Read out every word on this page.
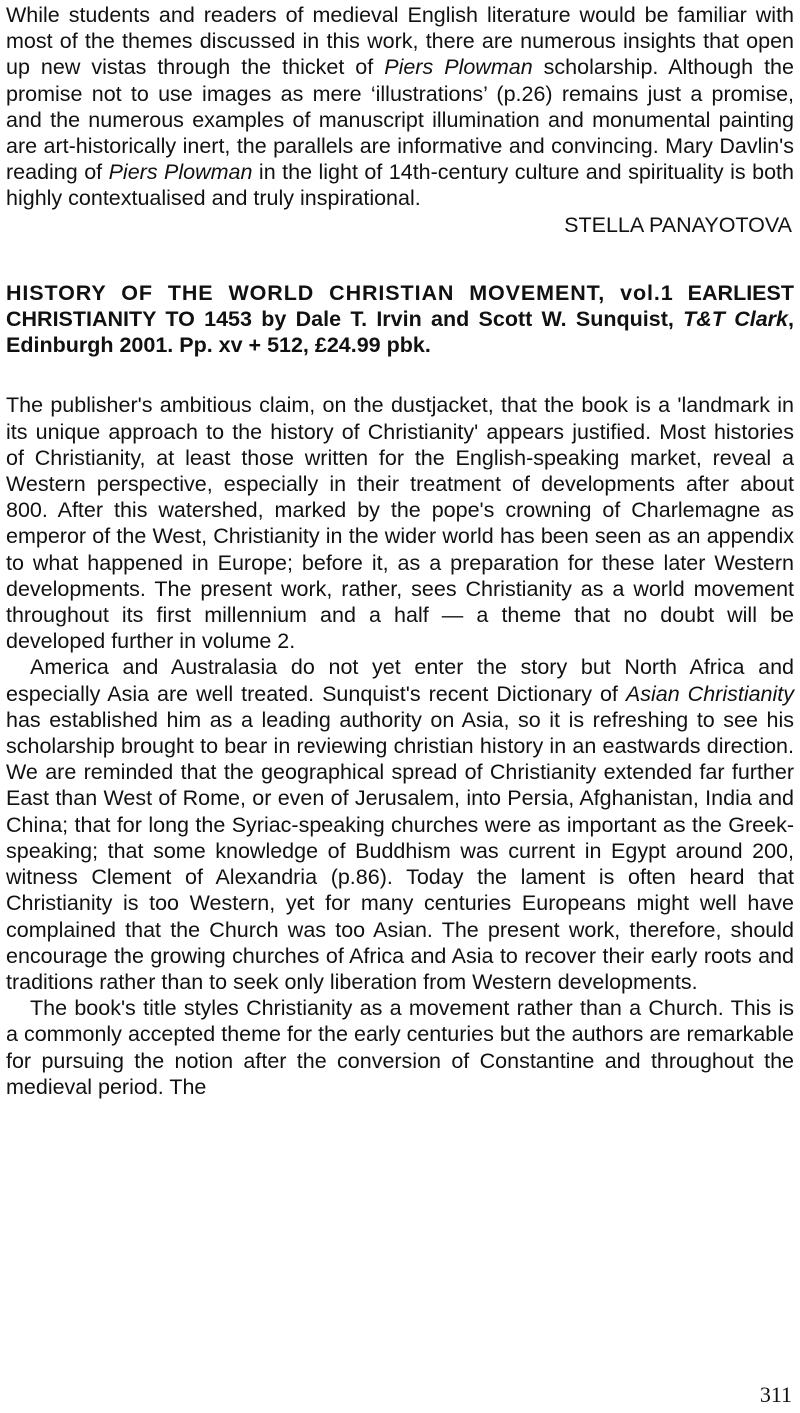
While students and readers of medieval English literature would be familiar with most of the themes discussed in this work, there are numerous insights that open up new vistas through the thicket of Piers Plowman scholarship. Although the promise not to use images as mere ‘illustrations’ (p.26) remains just a promise, and the numerous examples of manuscript illumination and monumental painting are art-historically inert, the parallels are informative and convincing. Mary Davlin's reading of Piers Plowman in the light of 14th-century culture and spirituality is both highly contextualised and truly inspirational.

STELLA PANAYOTOVA

HISTORY OF THE WORLD CHRISTIAN MOVEMENT, vol.1 EARLIEST CHRISTIANITY TO 1453 by Dale T. Irvin and Scott W. Sunquist, T&T Clark, Edinburgh 2001. Pp. xv + 512, £24.99 pbk.

The publisher's ambitious claim, on the dustjacket, that the book is a 'landmark in its unique approach to the history of Christianity' appears justified. Most histories of Christianity, at least those written for the English-speaking market, reveal a Western perspective, especially in their treatment of developments after about 800. After this watershed, marked by the pope's crowning of Charlemagne as emperor of the West, Christianity in the wider world has been seen as an appendix to what happened in Europe; before it, as a preparation for these later Western developments. The present work, rather, sees Christianity as a world movement throughout its first millennium and a half — a theme that no doubt will be developed further in volume 2.

America and Australasia do not yet enter the story but North Africa and especially Asia are well treated. Sunquist's recent Dictionary of Asian Christianity has established him as a leading authority on Asia, so it is refreshing to see his scholarship brought to bear in reviewing christian history in an eastwards direction. We are reminded that the geographical spread of Christianity extended far further East than West of Rome, or even of Jerusalem, into Persia, Afghanistan, India and China; that for long the Syriac-speaking churches were as important as the Greek-speaking; that some knowledge of Buddhism was current in Egypt around 200, witness Clement of Alexandria (p.86). Today the lament is often heard that Christianity is too Western, yet for many centuries Europeans might well have complained that the Church was too Asian. The present work, therefore, should encourage the growing churches of Africa and Asia to recover their early roots and traditions rather than to seek only liberation from Western developments.

The book's title styles Christianity as a movement rather than a Church. This is a commonly accepted theme for the early centuries but the authors are remarkable for pursuing the notion after the conversion of Constantine and throughout the medieval period. The

311
